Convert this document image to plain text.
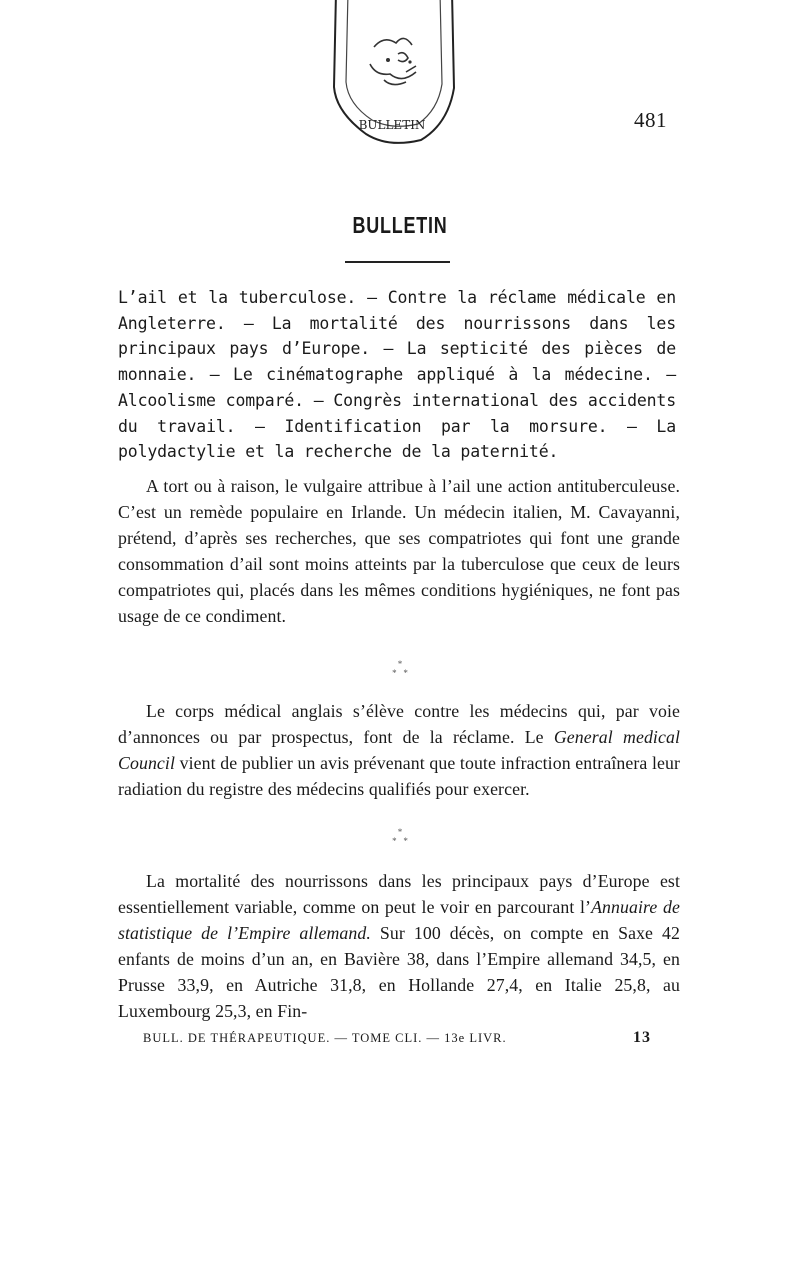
BULLETIN	481
BULLETIN
L’ail et la tuberculose. — Contre la réclame médicale en Angleterre. — La mortalité des nourrissons dans les principaux pays d’Europe. — La septicité des pièces de monnaie. — Le cinématographe appliqué à la médecine. — Alcoolisme comparé. — Congrès international des accidents du travail. — Identification par la morsure. — La polydactylie et la recherche de la paternité.
A tort ou à raison, le vulgaire attribue à l’ail une action antituberculeuse. C’est un remède populaire en Irlande. Un médecin italien, M. Cavayanni, prétend, d’après ses recherches, que ses compatriotes qui font une grande consommation d’ail sont moins atteints par la tuberculose que ceux de leurs compatriotes qui, placés dans les mêmes conditions hygiéniques, ne font pas usage de ce condiment.
*
* *
Le corps médical anglais s’élève contre les médecins qui, par voie d’annonces ou par prospectus, font de la réclame. Le General medical Council vient de publier un avis prévenant que toute infraction entraînera leur radiation du registre des médecins qualifiés pour exercer.
*
* *
La mortalité des nourrissons dans les principaux pays d’Europe est essentiellement variable, comme on peut le voir en parcourant l’Annuaire de statistique de l’Empire allemand. Sur 100 décès, on compte en Saxe 42 enfants de moins d’un an, en Bavière 38, dans l’Empire allemand 34,5, en Prusse 33,9, en Autriche 31,8, en Hollande 27,4, en Italie 25,8, au Luxembourg 25,3, en Fin-
BULL. DE THÉRAPEUTIQUE. — TOME CLI. — 13e LIVR.	13
